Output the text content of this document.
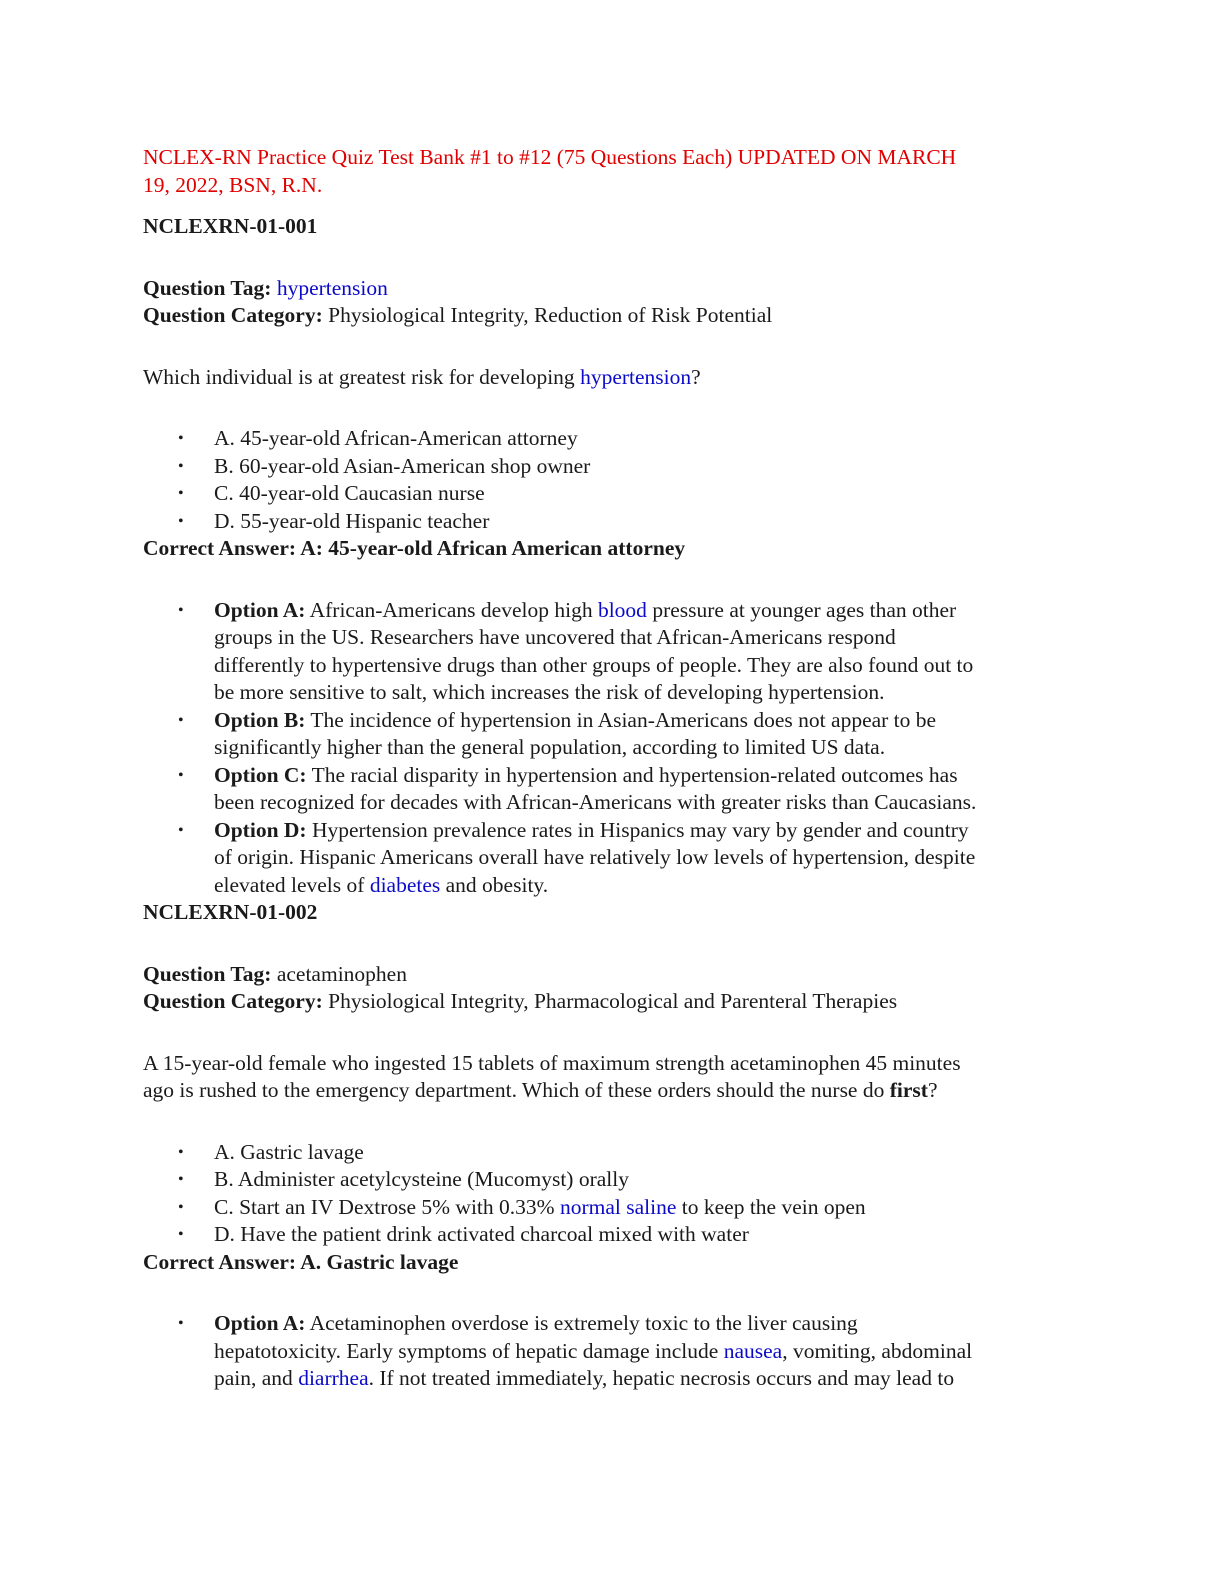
NCLEX-RN Practice Quiz Test Bank #1 to #12 (75 Questions Each) UPDATED ON MARCH

19, 2022, BSN, R.N.

NCLEXRN-01-001

Question Tag: hypertension

Question Category: Physiological Integrity, Reduction of Risk Potential

Which individual is at greatest risk for developing hypertension?

• A. 45-year-old African-American attorney
• B. 60-year-old Asian-American shop owner
• C. 40-year-old Caucasian nurse
• D. 55-year-old Hispanic teacher

Correct Answer: A: 45-year-old African American attorney

• Option A: African-Americans develop high blood pressure at younger ages than other
groups in the US. Researchers have uncovered that African-Americans respond
differently to hypertensive drugs than other groups of people. They are also found out to
be more sensitive to salt, which increases the risk of developing hypertension.
• Option B: The incidence of hypertension in Asian-Americans does not appear to be
significantly higher than the general population, according to limited US data.
• Option C: The racial disparity in hypertension and hypertension-related outcomes has
been recognized for decades with African-Americans with greater risks than Caucasians.
• Option D: Hypertension prevalence rates in Hispanics may vary by gender and country
of origin. Hispanic Americans overall have relatively low levels of hypertension, despite
elevated levels of diabetes and obesity.

NCLEXRN-01-002

Question Tag: acetaminophen

Question Category: Physiological Integrity, Pharmacological and Parenteral Therapies

A 15-year-old female who ingested 15 tablets of maximum strength acetaminophen 45 minutes

ago is rushed to the emergency department. Which of these orders should the nurse do first?

• A. Gastric lavage
• B. Administer acetylcysteine (Mucomyst) orally
• C. Start an IV Dextrose 5% with 0.33% normal saline to keep the vein open
• D. Have the patient drink activated charcoal mixed with water

Correct Answer: A. Gastric lavage

• Option A: Acetaminophen overdose is extremely toxic to the liver causing
hepatotoxicity. Early symptoms of hepatic damage include nausea, vomiting, abdominal
pain, and diarrhea. If not treated immediately, hepatic necrosis occurs and may lead to
